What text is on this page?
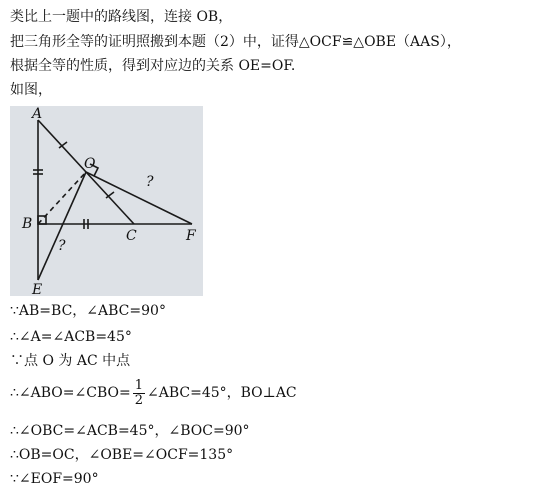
类比上一题中的路线图，连接 OB，
把三角形全等的证明照搬到本题（2）中，证得△OCF≌△OBE（AAS），
根据全等的性质，得到对应边的关系 OE=OF.
如图，
A
O
B
C	F
E
?
?
∵AB=BC，∠ABC=90°
∴∠A=∠ACB=45°
∵点 O 为 AC 中点
∴∠ABO=∠CBO= $\frac{1}{2}$ ∠ABC=45°，BO⊥AC
∴∠OBC=∠ACB=45°，∠BOC=90°
∴OB=OC，∠OBE=∠OCF=135°
∵∠EOF=90°
